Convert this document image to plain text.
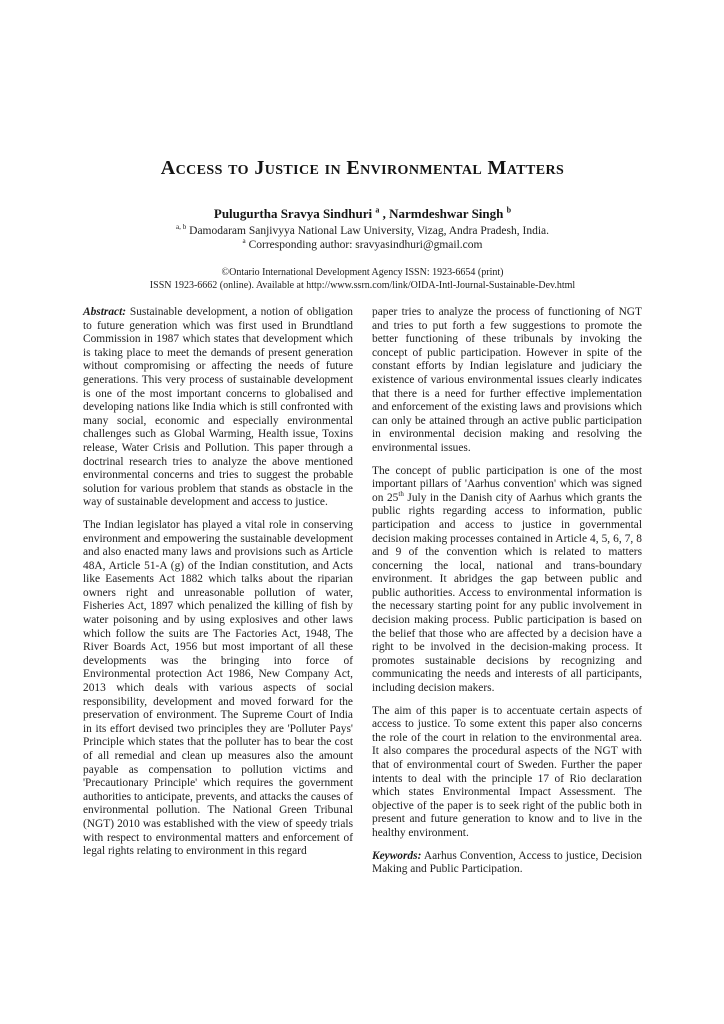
Access to Justice in Environmental Matters
Pulugurtha Sravya Sindhuri $^a$ , Narmdeshwar Singh $^b$
$^{a, b}$ Damodaram Sanjivyya National Law University, Vizag, Andra Pradesh, India.
$^a$ Corresponding author: sravyasindhuri@gmail.com
©Ontario International Development Agency ISSN: 1923-6654 (print)
ISSN 1923-6662 (online). Available at http://www.ssrn.com/link/OIDA-Intl-Journal-Sustainable-Dev.html

Abstract: Sustainable development, a notion of obligation to future generation which was first used in Brundtland Commission in 1987 which states that development which is taking place to meet the demands of present generation without compromising or affecting the needs of future generations. This very process of sustainable development is one of the most important concerns to globalised and developing nations like India which is still confronted with many social, economic and especially environmental challenges such as Global Warming, Health issue, Toxins release, Water Crisis and Pollution. This paper through a doctrinal research tries to analyze the above mentioned environmental concerns and tries to suggest the probable solution for various problem that stands as obstacle in the way of sustainable development and access to justice.

The Indian legislator has played a vital role in conserving environment and empowering the sustainable development and also enacted many laws and provisions such as Article 48A, Article 51-A (g) of the Indian constitution, and Acts like Easements Act 1882 which talks about the riparian owners right and unreasonable pollution of water, Fisheries Act, 1897 which penalized the killing of fish by water poisoning and by using explosives and other laws which follow the suits are The Factories Act, 1948, The River Boards Act, 1956 but most important of all these developments was the bringing into force of Environmental protection Act 1986, New Company Act, 2013 which deals with various aspects of social responsibility, development and moved forward for the preservation of environment. The Supreme Court of India in its effort devised two principles they are 'Polluter Pays' Principle which states that the polluter has to bear the cost of all remedial and clean up measures also the amount payable as compensation to pollution victims and 'Precautionary Principle' which requires the government authorities to anticipate, prevents, and attacks the causes of environmental pollution. The National Green Tribunal (NGT) 2010 was established with the view of speedy trials with respect to environmental matters and enforcement of legal rights relating to environment in this regard

paper tries to analyze the process of functioning of NGT and tries to put forth a few suggestions to promote the better functioning of these tribunals by invoking the concept of public participation. However in spite of the constant efforts by Indian legislature and judiciary the existence of various environmental issues clearly indicates that there is a need for further effective implementation and enforcement of the existing laws and provisions which can only be attained through an active public participation in environmental decision making and resolving the environmental issues.

The concept of public participation is one of the most important pillars of 'Aarhus convention' which was signed on 25th July in the Danish city of Aarhus which grants the public rights regarding access to information, public participation and access to justice in governmental decision making processes contained in Article 4, 5, 6, 7, 8 and 9 of the convention which is related to matters concerning the local, national and trans-boundary environment. It abridges the gap between public and public authorities. Access to environmental information is the necessary starting point for any public involvement in decision making process. Public participation is based on the belief that those who are affected by a decision have a right to be involved in the decision-making process. It promotes sustainable decisions by recognizing and communicating the needs and interests of all participants, including decision makers.

The aim of this paper is to accentuate certain aspects of access to justice. To some extent this paper also concerns the role of the court in relation to the environmental area. It also compares the procedural aspects of the NGT with that of environmental court of Sweden. Further the paper intents to deal with the principle 17 of Rio declaration which states Environmental Impact Assessment. The objective of the paper is to seek right of the public both in present and future generation to know and to live in the healthy environment.

Keywords: Aarhus Convention, Access to justice, Decision Making and Public Participation.
